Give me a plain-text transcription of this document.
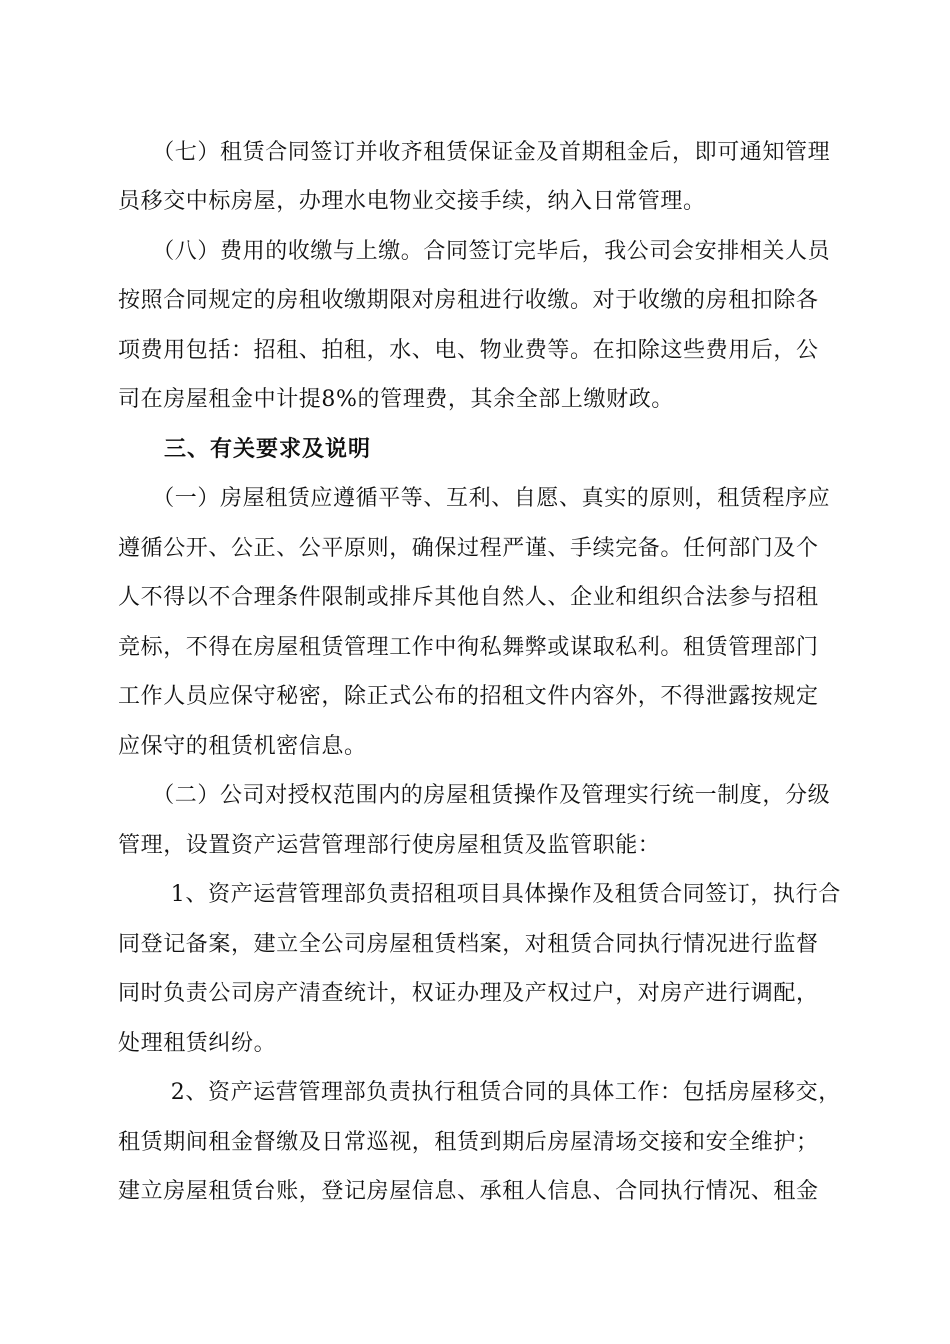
　　（七）租赁合同签订并收齐租赁保证金及首期租金后，即可通知管理
员移交中标房屋，办理水电物业交接手续，纳入日常管理。
　　（八）费用的收缴与上缴。合同签订完毕后，我公司会安排相关人员
按照合同规定的房租收缴期限对房租进行收缴。对于收缴的房租扣除各
项费用包括：招租、拍租，水、电、物业费等。在扣除这些费用后，公
司在房屋租金中计提8%的管理费，其余全部上缴财政。
　　三、有关要求及说明
　　（一）房屋租赁应遵循平等、互利、自愿、真实的原则，租赁程序应
遵循公开、公正、公平原则，确保过程严谨、手续完备。任何部门及个
人不得以不合理条件限制或排斥其他自然人、企业和组织合法参与招租
竞标，不得在房屋租赁管理工作中徇私舞弊或谋取私利。租赁管理部门
工作人员应保守秘密，除正式公布的招租文件内容外，不得泄露按规定
应保守的租赁机密信息。
　　（二）公司对授权范围内的房屋租赁操作及管理实行统一制度，分级
管理，设置资产运营管理部行使房屋租赁及监管职能：
　　 1、资产运营管理部负责招租项目具体操作及租赁合同签订，执行合
同登记备案，建立全公司房屋租赁档案，对租赁合同执行情况进行监督
同时负责公司房产清查统计，权证办理及产权过户，对房产进行调配，
处理租赁纠纷。
　　 2、资产运营管理部负责执行租赁合同的具体工作：包括房屋移交，
租赁期间租金督缴及日常巡视，租赁到期后房屋清场交接和安全维护；
建立房屋租赁台账，登记房屋信息、承租人信息、合同执行情况、租金
